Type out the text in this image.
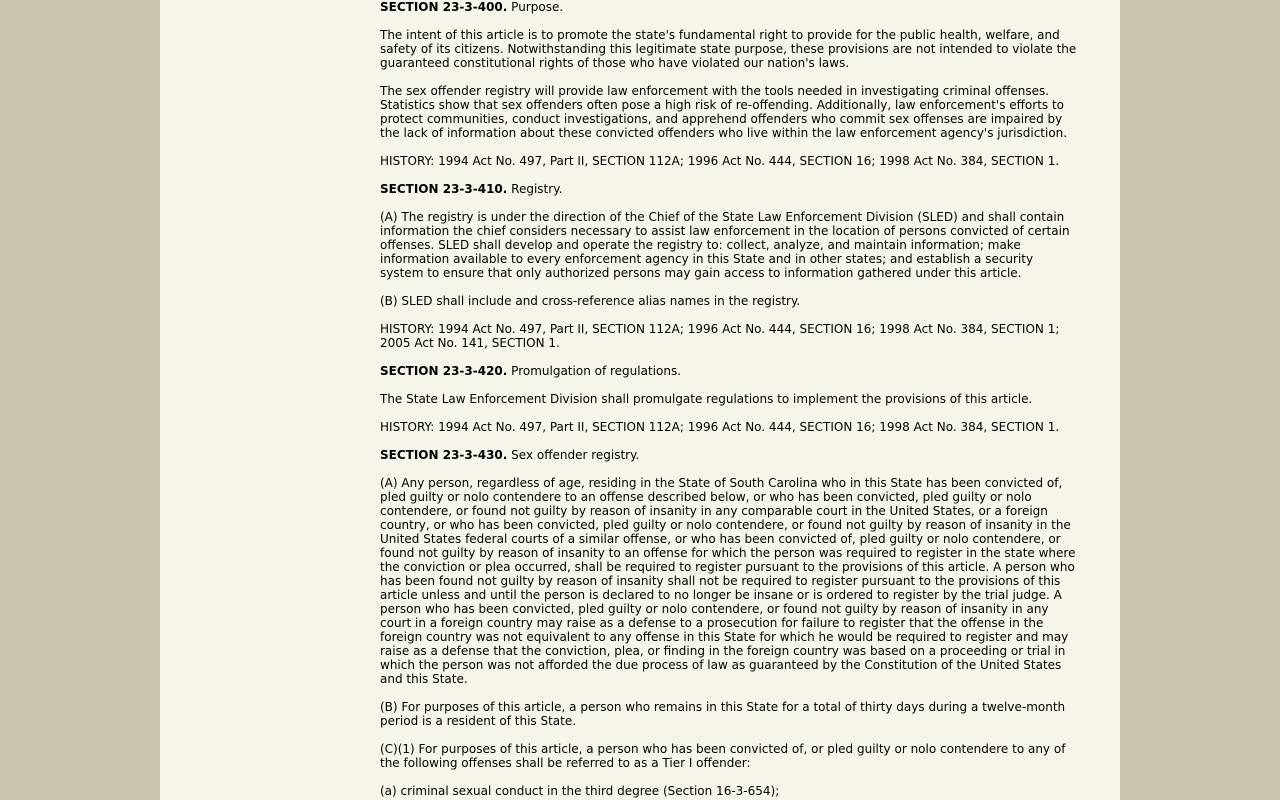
SECTION 23-3-400. Purpose.
The intent of this article is to promote the state's fundamental right to provide for the public health, welfare, and safety of its citizens. Notwithstanding this legitimate state purpose, these provisions are not intended to violate the guaranteed constitutional rights of those who have violated our nation's laws.
The sex offender registry will provide law enforcement with the tools needed in investigating criminal offenses. Statistics show that sex offenders often pose a high risk of re-offending. Additionally, law enforcement's efforts to protect communities, conduct investigations, and apprehend offenders who commit sex offenses are impaired by the lack of information about these convicted offenders who live within the law enforcement agency's jurisdiction.
HISTORY: 1994 Act No. 497, Part II, SECTION 112A; 1996 Act No. 444, SECTION 16; 1998 Act No. 384, SECTION 1.
SECTION 23-3-410. Registry.
(A) The registry is under the direction of the Chief of the State Law Enforcement Division (SLED) and shall contain information the chief considers necessary to assist law enforcement in the location of persons convicted of certain offenses. SLED shall develop and operate the registry to: collect, analyze, and maintain information; make information available to every enforcement agency in this State and in other states; and establish a security system to ensure that only authorized persons may gain access to information gathered under this article.
(B) SLED shall include and cross-reference alias names in the registry.
HISTORY: 1994 Act No. 497, Part II, SECTION 112A; 1996 Act No. 444, SECTION 16; 1998 Act No. 384, SECTION 1; 2005 Act No. 141, SECTION 1.
SECTION 23-3-420. Promulgation of regulations.
The State Law Enforcement Division shall promulgate regulations to implement the provisions of this article.
HISTORY: 1994 Act No. 497, Part II, SECTION 112A; 1996 Act No. 444, SECTION 16; 1998 Act No. 384, SECTION 1.
SECTION 23-3-430. Sex offender registry.
(A) Any person, regardless of age, residing in the State of South Carolina who in this State has been convicted of, pled guilty or nolo contendere to an offense described below, or who has been convicted, pled guilty or nolo contendere, or found not guilty by reason of insanity in any comparable court in the United States, or a foreign country, or who has been convicted, pled guilty or nolo contendere, or found not guilty by reason of insanity in the United States federal courts of a similar offense, or who has been convicted of, pled guilty or nolo contendere, or found not guilty by reason of insanity to an offense for which the person was required to register in the state where the conviction or plea occurred, shall be required to register pursuant to the provisions of this article. A person who has been found not guilty by reason of insanity shall not be required to register pursuant to the provisions of this article unless and until the person is declared to no longer be insane or is ordered to register by the trial judge. A person who has been convicted, pled guilty or nolo contendere, or found not guilty by reason of insanity in any court in a foreign country may raise as a defense to a prosecution for failure to register that the offense in the foreign country was not equivalent to any offense in this State for which he would be required to register and may raise as a defense that the conviction, plea, or finding in the foreign country was based on a proceeding or trial in which the person was not afforded the due process of law as guaranteed by the Constitution of the United States and this State.
(B) For purposes of this article, a person who remains in this State for a total of thirty days during a twelve-month period is a resident of this State.
(C)(1) For purposes of this article, a person who has been convicted of, or pled guilty or nolo contendere to any of the following offenses shall be referred to as a Tier I offender:
(a) criminal sexual conduct in the third degree (Section 16-3-654);
